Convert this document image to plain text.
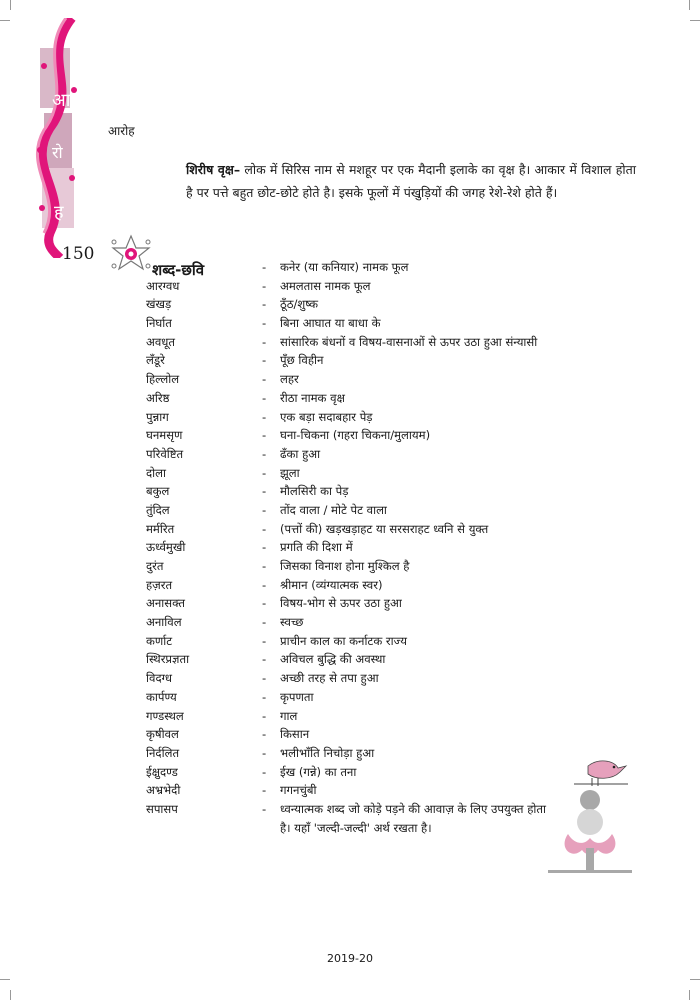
आ
रो
ह
150
आरोह
शिरीष वृक्ष– लोक में सिरिस नाम से मशहूर पर एक मैदानी इलाके का वृक्ष है। आकार में विशाल होता है पर पत्ते बहुत छोट-छोटे होते है। इसके फूलों में पंखुड़ियों की जगह रेशे-रेशे होते हैं।
शब्द-छवि	- कनेर (या कनियार) नामक फूल
आरग्वध	- अमलतास नामक फूल
खंखड़	- ठूँठ/शुष्क
निर्घात	- बिना आघात या बाधा के
अवधूत	- सांसारिक बंधनों व विषय-वासनाओं से ऊपर उठा हुआ संन्यासी
लँडूरे	- पूँछ विहीन
हिल्लोल	- लहर
अरिष्ठ	- रीठा नामक वृक्ष
पुन्नाग	- एक बड़ा सदाबहार पेड़
घनमसृण	- घना-चिकना (गहरा चिकना/मुलायम)
परिवेष्टित	- ढँका हुआ
दोला	- झूला
बकुल	- मौलसिरी का पेड़
तुंदिल	- तोंद वाला / मोटे पेट वाला
मर्मरित	- (पत्तों की) खड़खड़ाहट या सरसराहट ध्वनि से युक्त
ऊर्ध्वमुखी	- प्रगति की दिशा में
दुरंत	- जिसका विनाश होना मुश्किल है
हज़रत	- श्रीमान (व्यंग्यात्मक स्वर)
अनासक्त	- विषय-भोग से ऊपर उठा हुआ
अनाविल	- स्वच्छ
कर्णाट	- प्राचीन काल का कर्नाटक राज्य
स्थिरप्रज्ञता	- अविचल बुद्धि की अवस्था
विदग्ध	- अच्छी तरह से तपा हुआ
कार्पण्य	- कृपणता
गण्डस्थल	- गाल
कृषीवल	- किसान
निर्दलित	- भलीभाँति निचोड़ा हुआ
ईक्षुदण्ड	- ईख (गन्ने) का तना
अभ्रभेदी	- गगनचुंबी
सपासप	- ध्वन्यात्मक शब्द जो कोड़े पड़ने की आवाज़ के लिए उपयुक्त होता है। यहाँ 'जल्दी-जल्दी' अर्थ रखता है।
2019-20
